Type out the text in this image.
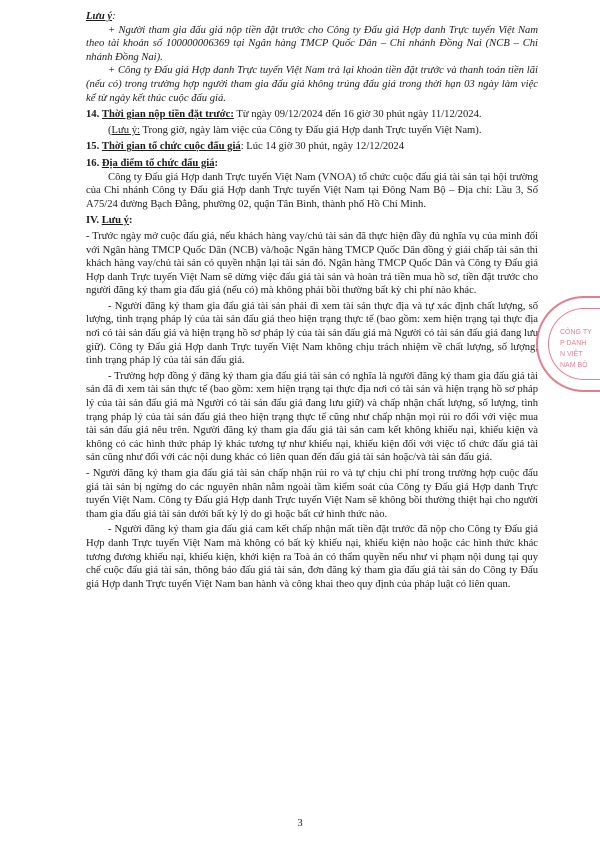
Lưu ý:

+ Người tham gia đấu giá nộp tiền đặt trước cho Công ty Đấu giá Hợp danh Trực tuyến Việt Nam theo tài khoản số 100000006369 tại Ngân hàng TMCP Quốc Dân – Chi nhánh Đồng Nai (NCB – Chi nhánh Đồng Nai).

+ Công ty Đấu giá Hợp danh Trực tuyến Việt Nam trả lại khoản tiền đặt trước và thanh toán tiền lãi (nếu có) trong trường hợp người tham gia đấu giá không trúng đấu giá trong thời hạn 03 ngày làm việc kể từ ngày kết thúc cuộc đấu giá.

14. Thời gian nộp tiền đặt trước: Từ ngày 09/12/2024 đến 16 giờ 30 phút ngày 11/12/2024.

(Lưu ý: Trong giờ, ngày làm việc của Công ty Đấu giá Hợp danh Trực tuyến Việt Nam).

15. Thời gian tổ chức cuộc đấu giá: Lúc 14 giờ 30 phút, ngày 12/12/2024

16. Địa điểm tổ chức đấu giá:

Công ty Đấu giá Hợp danh Trực tuyến Việt Nam (VNOA) tổ chức cuộc đấu giá tài sản tại hội trường của Chi nhánh Công ty Đấu giá Hợp danh Trực tuyến Việt Nam tại Đông Nam Bộ – Địa chỉ: Lầu 3, Số A75/24 đường Bạch Đằng, phường 02, quận Tân Bình, thành phố Hồ Chí Minh.

IV. Lưu ý:

- Trước ngày mở cuộc đấu giá, nếu khách hàng vay/chủ tài sản đã thực hiện đầy đủ nghĩa vụ của mình đối với Ngân hàng TMCP Quốc Dân (NCB) và/hoặc Ngân hàng TMCP Quốc Dân đồng ý giải chấp tài sản thì khách hàng vay/chủ tài sản có quyền nhận lại tài sản đó. Ngân hàng TMCP Quốc Dân và Công ty Đấu giá Hợp danh Trực tuyến Việt Nam sẽ dừng việc đấu giá tài sản và hoàn trả tiền mua hồ sơ, tiền đặt trước cho người đăng ký tham gia đấu giá (nếu có) mà không phải bồi thường bất kỳ chi phí nào khác.

- Người đăng ký tham gia đấu giá tài sản phải đi xem tài sản thực địa và tự xác định chất lượng, số lượng, tình trạng pháp lý của tài sản đấu giá theo hiện trạng thực tế (bao gồm: xem hiện trạng tại thực địa nơi có tài sản đấu giá và hiện trạng hồ sơ pháp lý của tài sản đấu giá mà Người có tài sản đấu giá đang lưu giữ). Công ty Đấu giá Hợp danh Trực tuyến Việt Nam không chịu trách nhiệm về chất lượng, số lượng, tình trạng pháp lý của tài sản đấu giá.

- Trường hợp đồng ý đăng ký tham gia đấu giá tài sản có nghĩa là người đăng ký tham gia đấu giá tài sản đã đi xem tài sản thực tế (bao gồm: xem hiện trạng tại thực địa nơi có tài sản và hiện trạng hồ sơ pháp lý của tài sản đấu giá mà Người có tài sản đấu giá đang lưu giữ) và chấp nhận chất lượng, số lượng, tình trạng pháp lý của tài sản đấu giá theo hiện trạng thực tế cũng như chấp nhận mọi rủi ro đối với việc mua tài sản đấu giá nêu trên. Người đăng ký tham gia đấu giá tài sản cam kết không khiếu nại, khiếu kiện và không có các hình thức pháp lý khác tương tự như khiếu nại, khiếu kiện đối với việc tổ chức đấu giá tài sản cũng như đối với các nội dung khác có liên quan đến đấu giá tài sản hoặc/và tài sản đấu giá.

- Người đăng ký tham gia đấu giá tài sản chấp nhận rủi ro và tự chịu chi phí trong trường hợp cuộc đấu giá tài sản bị ngừng do các nguyên nhân nằm ngoài tầm kiểm soát của Công ty Đấu giá Hợp danh Trực tuyến Việt Nam. Công ty Đấu giá Hợp danh Trực tuyến Việt Nam sẽ không bồi thường thiệt hại cho người tham gia đấu giá tài sản dưới bất kỳ lý do gì hoặc bất cứ hình thức nào.

- Người đăng ký tham gia đấu giá cam kết chấp nhận mất tiền đặt trước đã nộp cho Công ty Đấu giá Hợp danh Trực tuyến Việt Nam mà không có bất kỳ khiếu nại, khiếu kiện nào hoặc các hình thức khác tương đương khiếu nại, khiếu kiện, khởi kiện ra Toà án có thẩm quyền nếu như vi phạm nội dung tại quy chế cuộc đấu giá tài sản, thông báo đấu giá tài sản, đơn đăng ký tham gia đấu giá tài sản do Công ty Đấu giá Hợp danh Trực tuyến Việt Nam ban hành và công khai theo quy định của pháp luật có liên quan.

CÔNG TY
P DANH
N VIỆT
NAM BỘ
3
